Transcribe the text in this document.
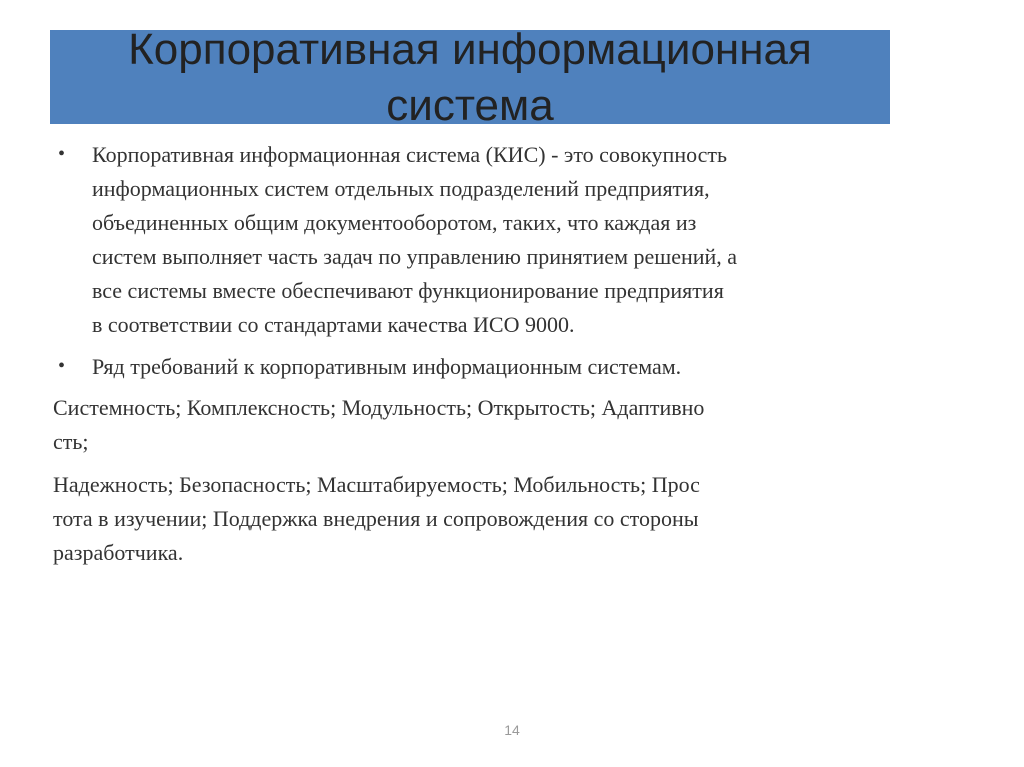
Корпоративная информационная
система
• Корпоративная информационная система (КИС) - это совокупность
информационных систем отдельных подразделений предприятия,
объединенных общим документооборотом, таких, что каждая из
систем выполняет часть задач по управлению принятием решений, а
все системы вместе обеспечивают функционирование предприятия
в соответствии со стандартами качества ИСО 9000.
• Ряд требований к корпоративным информационным системам.
Системность; Комплексность; Модульность; Открытость; Адаптивно
сть;
Надежность; Безопасность; Масштабируемость; Мобильность; Прос
тота в изучении; Поддержка внедрения и сопровождения со стороны
разработчика.
14
